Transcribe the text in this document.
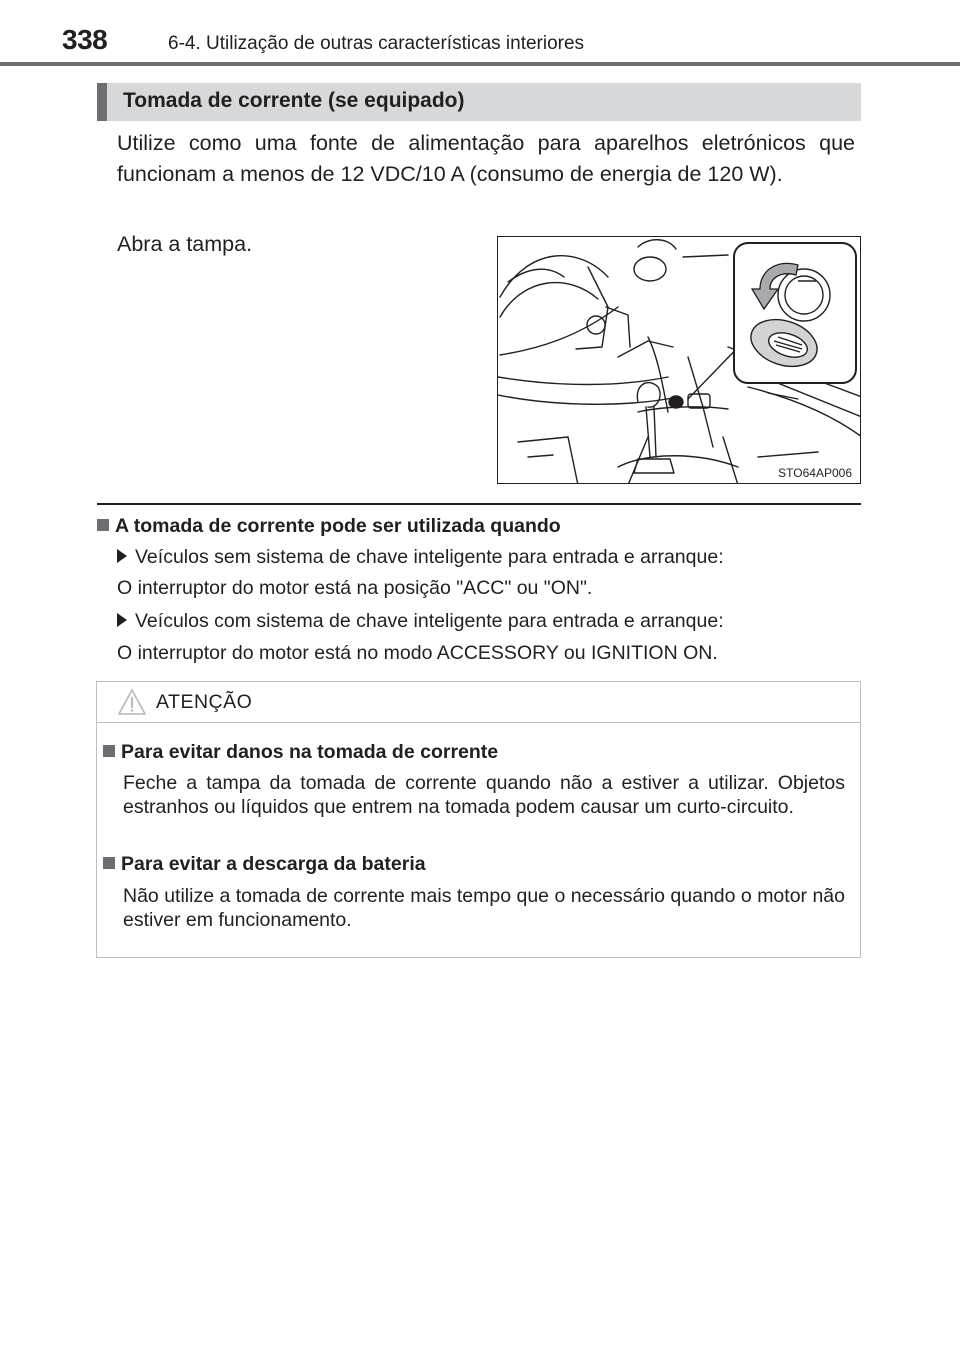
338	6-4. Utilização de outras características interiores
Tomada de corrente (se equipado)
Utilize como uma fonte de alimentação para aparelhos eletrónicos que funcionam a menos de 12 VDC/10 A (consumo de energia de 120 W).
Abra a tampa.
STO64AP006
A tomada de corrente pode ser utilizada quando
Veículos sem sistema de chave inteligente para entrada e arranque:
O interruptor do motor está na posição "ACC" ou "ON".
Veículos com sistema de chave inteligente para entrada e arranque:
O interruptor do motor está no modo ACCESSORY ou IGNITION ON.
ATENÇÃO
Para evitar danos na tomada de corrente
Feche a tampa da tomada de corrente quando não a estiver a utilizar. Objetos estranhos ou líquidos que entrem na tomada podem causar um curto-circuito.
Para evitar a descarga da bateria
Não utilize a tomada de corrente mais tempo que o necessário quando o motor não estiver em funcionamento.
